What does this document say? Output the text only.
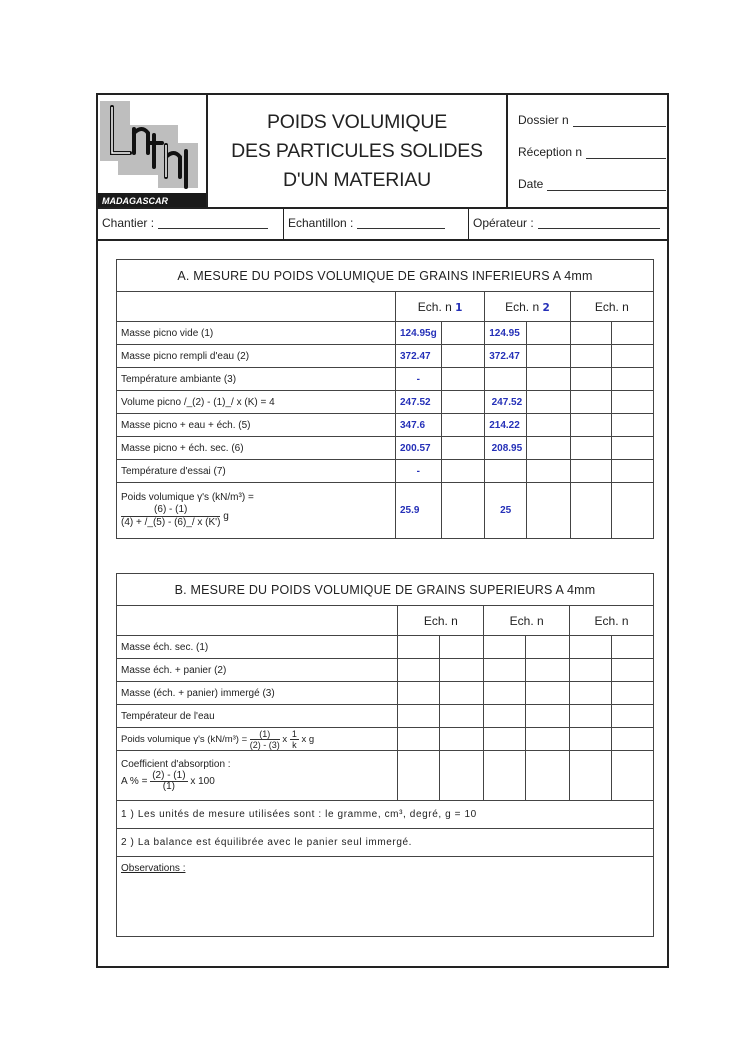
MADAGASCAR
POIDS VOLUMIQUE
DES PARTICULES SOLIDES
D'UN MATERIAU
Dossier n
Réception n
Date
Chantier :	Echantillon :	Opérateur :
A. MESURE DU POIDS VOLUMIQUE DE GRAINS INFERIEURS A 4mm						
	Ech. n 1		Ech. n 2		Ech. n	
Masse picno vide (1)	124.95g		124.95			
Masse picno rempli d'eau (2)	372.47		372.47			
Température ambiante (3)	-					
Volume picno /_(2) - (1)_/ x (K) = 4	247.52		247.52			
Masse picno + eau + éch. (5)	347.6		214.22			
Masse picno + éch. sec. (6)	200.57		208.95			
Température d'essai (7)	-					

Poids volumique γ's (kN/m³) =
$\frac{(6) - (1)}{(4) + /\_(5) - (6)\_/ x (K')}$ g	25.9		25			
B. MESURE DU POIDS VOLUMIQUE DE GRAINS SUPERIEURS A 4mm						
	Ech. n		Ech. n		Ech. n	
Masse éch. sec. (1)						
Masse éch. + panier (2)						
Masse (éch. + panier) immergé (3)						
Températeur de l'eau						
Poids volumique γ's $(kN/m^3) = \frac{(1)}{(2) - (3)}$ x $\frac{1}{k}$ x g						

Coefficient d'absorption :
A % = $\frac{(2) - (1)}{(1)}$ x 100						
1 ) Les unités de mesure utilisées sont : le gramme, cm³, degré, g = 10						
2 ) La balance est équilibrée avec le panier seul immergé.						
Observations :						
